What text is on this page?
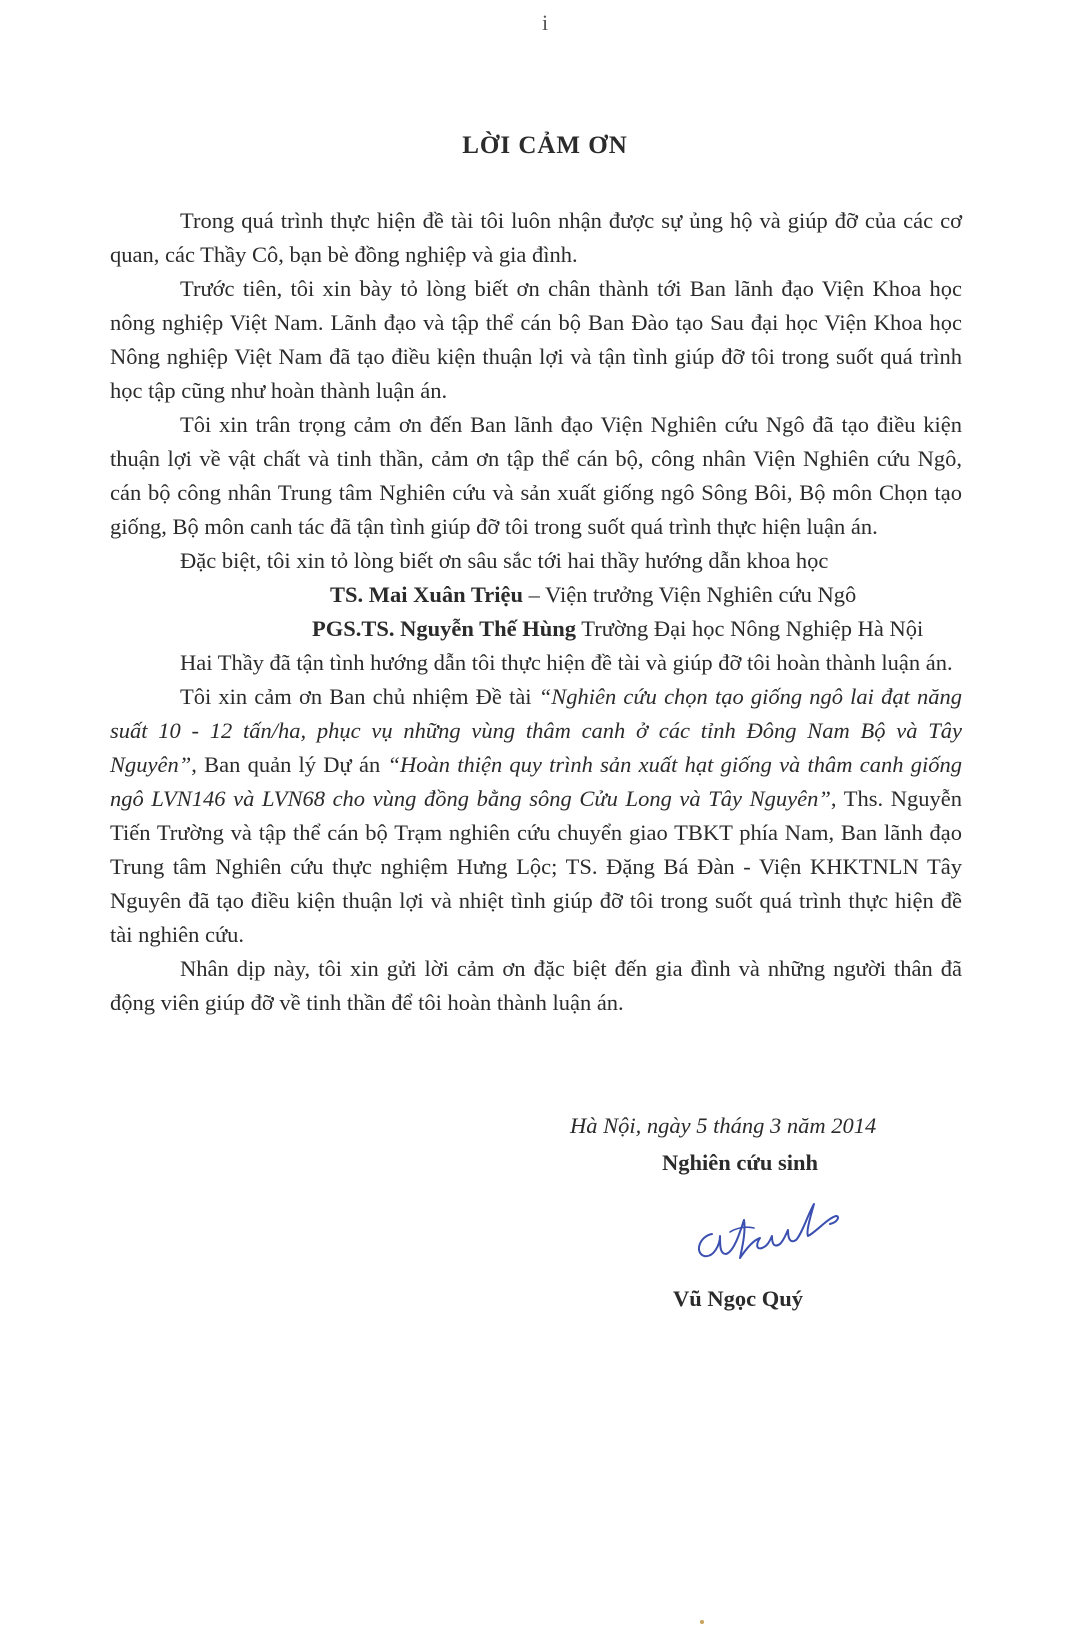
i
LỜI CẢM ƠN

Trong quá trình thực hiện đề tài tôi luôn nhận được sự ủng hộ và giúp đỡ của các cơ quan, các Thầy Cô, bạn bè đồng nghiệp và gia đình.

Trước tiên, tôi xin bày tỏ lòng biết ơn chân thành tới Ban lãnh đạo Viện Khoa học nông nghiệp Việt Nam. Lãnh đạo và tập thể cán bộ Ban Đào tạo Sau đại học Viện Khoa học Nông nghiệp Việt Nam đã tạo điều kiện thuận lợi và tận tình giúp đỡ tôi trong suốt quá trình học tập cũng như hoàn thành luận án.

Tôi xin trân trọng cảm ơn đến Ban lãnh đạo Viện Nghiên cứu Ngô đã tạo điều kiện thuận lợi về vật chất và tinh thần, cảm ơn tập thể cán bộ, công nhân Viện Nghiên cứu Ngô, cán bộ công nhân Trung tâm Nghiên cứu và sản xuất giống ngô Sông Bôi, Bộ môn Chọn tạo giống, Bộ môn canh tác đã tận tình giúp đỡ tôi trong suốt quá trình thực hiện luận án.

Đặc biệt, tôi xin tỏ lòng biết ơn sâu sắc tới hai thầy hướng dẫn khoa học

TS. Mai Xuân Triệu – Viện trưởng Viện Nghiên cứu Ngô

PGS.TS. Nguyễn Thế Hùng Trường Đại học Nông Nghiệp Hà Nội

Hai Thầy đã tận tình hướng dẫn tôi thực hiện đề tài và giúp đỡ tôi hoàn thành luận án.

Tôi xin cảm ơn Ban chủ nhiệm Đề tài “Nghiên cứu chọn tạo giống ngô lai đạt năng suất 10 - 12 tấn/ha, phục vụ những vùng thâm canh ở các tỉnh Đông Nam Bộ và Tây Nguyên”, Ban quản lý Dự án “Hoàn thiện quy trình sản xuất hạt giống và thâm canh giống ngô LVN146 và LVN68 cho vùng đồng bằng sông Cửu Long và Tây Nguyên”, Ths. Nguyễn Tiến Trường và tập thể cán bộ Trạm nghiên cứu chuyển giao TBKT phía Nam, Ban lãnh đạo Trung tâm Nghiên cứu thực nghiệm Hưng Lộc; TS. Đặng Bá Đàn - Viện KHKTNLN Tây Nguyên đã tạo điều kiện thuận lợi và nhiệt tình giúp đỡ tôi trong suốt quá trình thực hiện đề tài nghiên cứu.

Nhân dịp này, tôi xin gửi lời cảm ơn đặc biệt đến gia đình và những người thân đã động viên giúp đỡ về tinh thần để tôi hoàn thành luận án.

Hà Nội, ngày 5 tháng 3 năm 2014
Nghiên cứu sinh
Vũ Ngọc Quý
